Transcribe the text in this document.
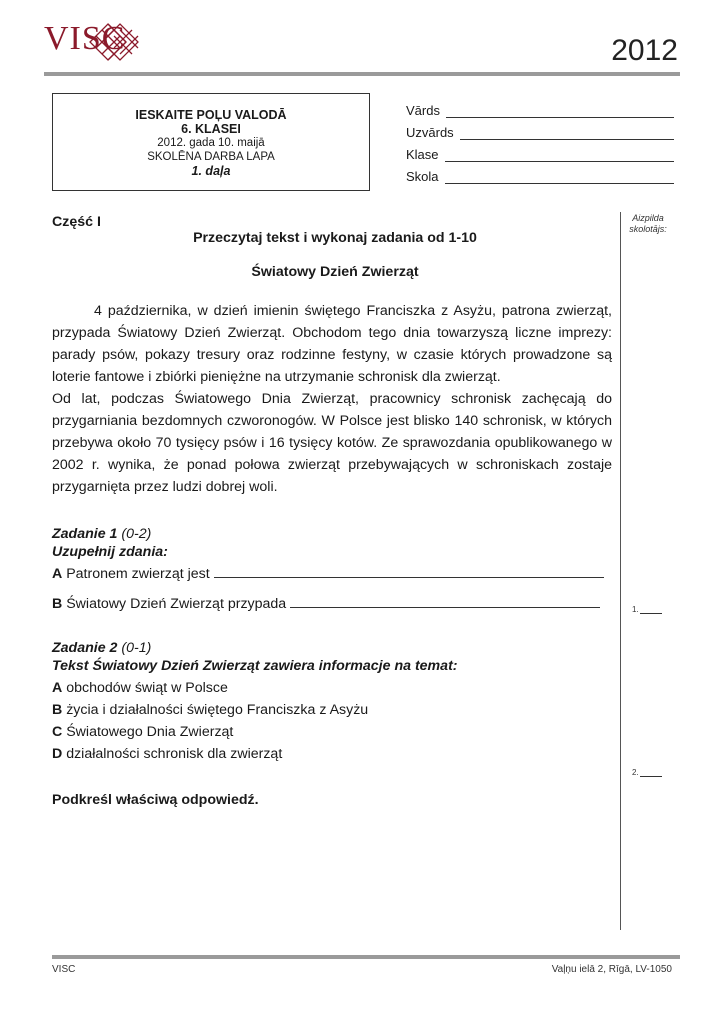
VISC	2012
IESKAITE POĻU VALODĀ
6. KLASEI
2012. gada 10. maijā
SKOLĒNA DARBA LAPA
1. daļa
Vārds
Uzvārds
Klase
Skola
Aizpilda skolotājs:
1.
2.
Część I
Przeczytaj tekst i wykonaj zadania od 1-10
Światowy Dzień Zwierząt

4 października, w dzień imienin świętego Franciszka z Asyżu, patrona zwierząt, przypada Światowy Dzień Zwierząt. Obchodom tego dnia towarzyszą liczne imprezy: parady psów, pokazy tresury oraz rodzinne festyny, w czasie których prowadzone są loterie fantowe i zbiórki pieniężne na utrzymanie schronisk dla zwierząt.

Od lat, podczas Światowego Dnia Zwierząt, pracownicy schronisk zachęcają do przygarniania bezdomnych czworonogów. W Polsce jest blisko 140 schronisk, w których przebywa około 70 tysięcy psów i 16 tysięcy kotów. Ze sprawozdania opublikowanego w 2002 r. wynika, że ponad połowa zwierząt przebywających w schroniskach zostaje przygarnięta przez ludzi dobrej woli.

Zadanie 1 (0-2)
Uzupełnij zdania:
A Patronem zwierząt jest
B Światowy Dzień Zwierząt przypada
Zadanie 2 (0-1)
Tekst Światowy Dzień Zwierząt zawiera informacje na temat:
A obchodów świąt w Polsce
B życia i działalności świętego Franciszka z Asyżu
C Światowego Dnia Zwierząt
D działalności schronisk dla zwierząt
Podkreśl właściwą odpowiedź.
VISC	Vaļņu ielā 2, Rīgā, LV-1050
